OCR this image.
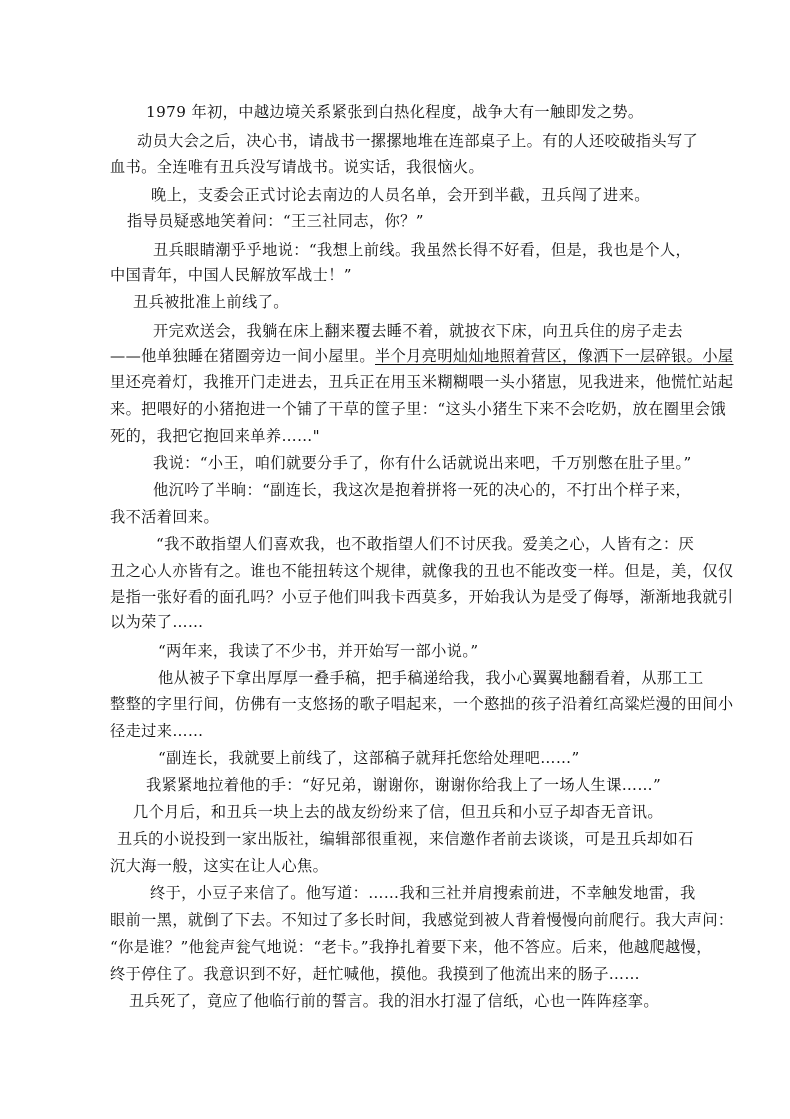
1979 年初，中越边境关系紧张到白热化程度，战争大有一触即发之势。
动员大会之后，决心书，请战书一摞摞地堆在连部桌子上。有的人还咬破指头写了
血书。全连唯有丑兵没写请战书。说实话，我很恼火。
晚上，支委会正式讨论去南边的人员名单，会开到半截，丑兵闯了进来。
指导员疑惑地笑着问：“王三社同志，你？”
丑兵眼睛潮乎乎地说：“我想上前线。我虽然长得不好看，但是，我也是个人，
中国青年，中国人民解放军战士！”
丑兵被批准上前线了。
开完欢送会，我躺在床上翻来覆去睡不着，就披衣下床，向丑兵住的房子走去
——他单独睡在猪圈旁边一间小屋里。半个月亮明灿灿地照着营区，像洒下一层碎银。小屋
里还亮着灯，我推开门走进去，丑兵正在用玉米糊糊喂一头小猪崽，见我进来，他慌忙站起
来。把喂好的小猪抱进一个铺了干草的筐子里：“这头小猪生下来不会吃奶，放在圈里会饿
死的，我把它抱回来单养……"
我说：“小王，咱们就要分手了，你有什么话就说出来吧，千万别憋在肚子里。”
他沉吟了半晌：“副连长，我这次是抱着拼将一死的决心的，不打出个样子来，
我不活着回来。
“我不敢指望人们喜欢我，也不敢指望人们不讨厌我。爱美之心，人皆有之：厌
丑之心人亦皆有之。谁也不能扭转这个规律，就像我的丑也不能改变一样。但是，美，仅仅
是指一张好看的面孔吗？小豆子他们叫我卡西莫多，开始我认为是受了侮辱，渐渐地我就引
以为荣了……
“两年来，我读了不少书，并开始写一部小说。”
他从被子下拿出厚厚一叠手稿，把手稿递给我，我小心翼翼地翻看着，从那工工
整整的字里行间，仿佛有一支悠扬的歌子唱起来，一个憨拙的孩子沿着红高粱烂漫的田间小
径走过来……
“副连长，我就要上前线了，这部稿子就拜托您给处理吧……”
我紧紧地拉着他的手：“好兄弟，谢谢你，谢谢你给我上了一场人生课……”
几个月后，和丑兵一块上去的战友纷纷来了信，但丑兵和小豆子却杳无音讯。
丑兵的小说投到一家出版社，编辑部很重视，来信邀作者前去谈谈，可是丑兵却如石
沉大海一般，这实在让人心焦。
终于，小豆子来信了。他写道：……我和三社并肩搜索前进，不幸触发地雷，我
眼前一黑，就倒了下去。不知过了多长时间，我感觉到被人背着慢慢向前爬行。我大声问：
“你是谁？”他瓮声瓮气地说：“老卡。”我挣扎着要下来，他不答应。后来，他越爬越慢，
终于停住了。我意识到不好，赶忙喊他，摸他。我摸到了他流出来的肠子……
丑兵死了，竟应了他临行前的誓言。我的泪水打湿了信纸，心也一阵阵痉挛。
